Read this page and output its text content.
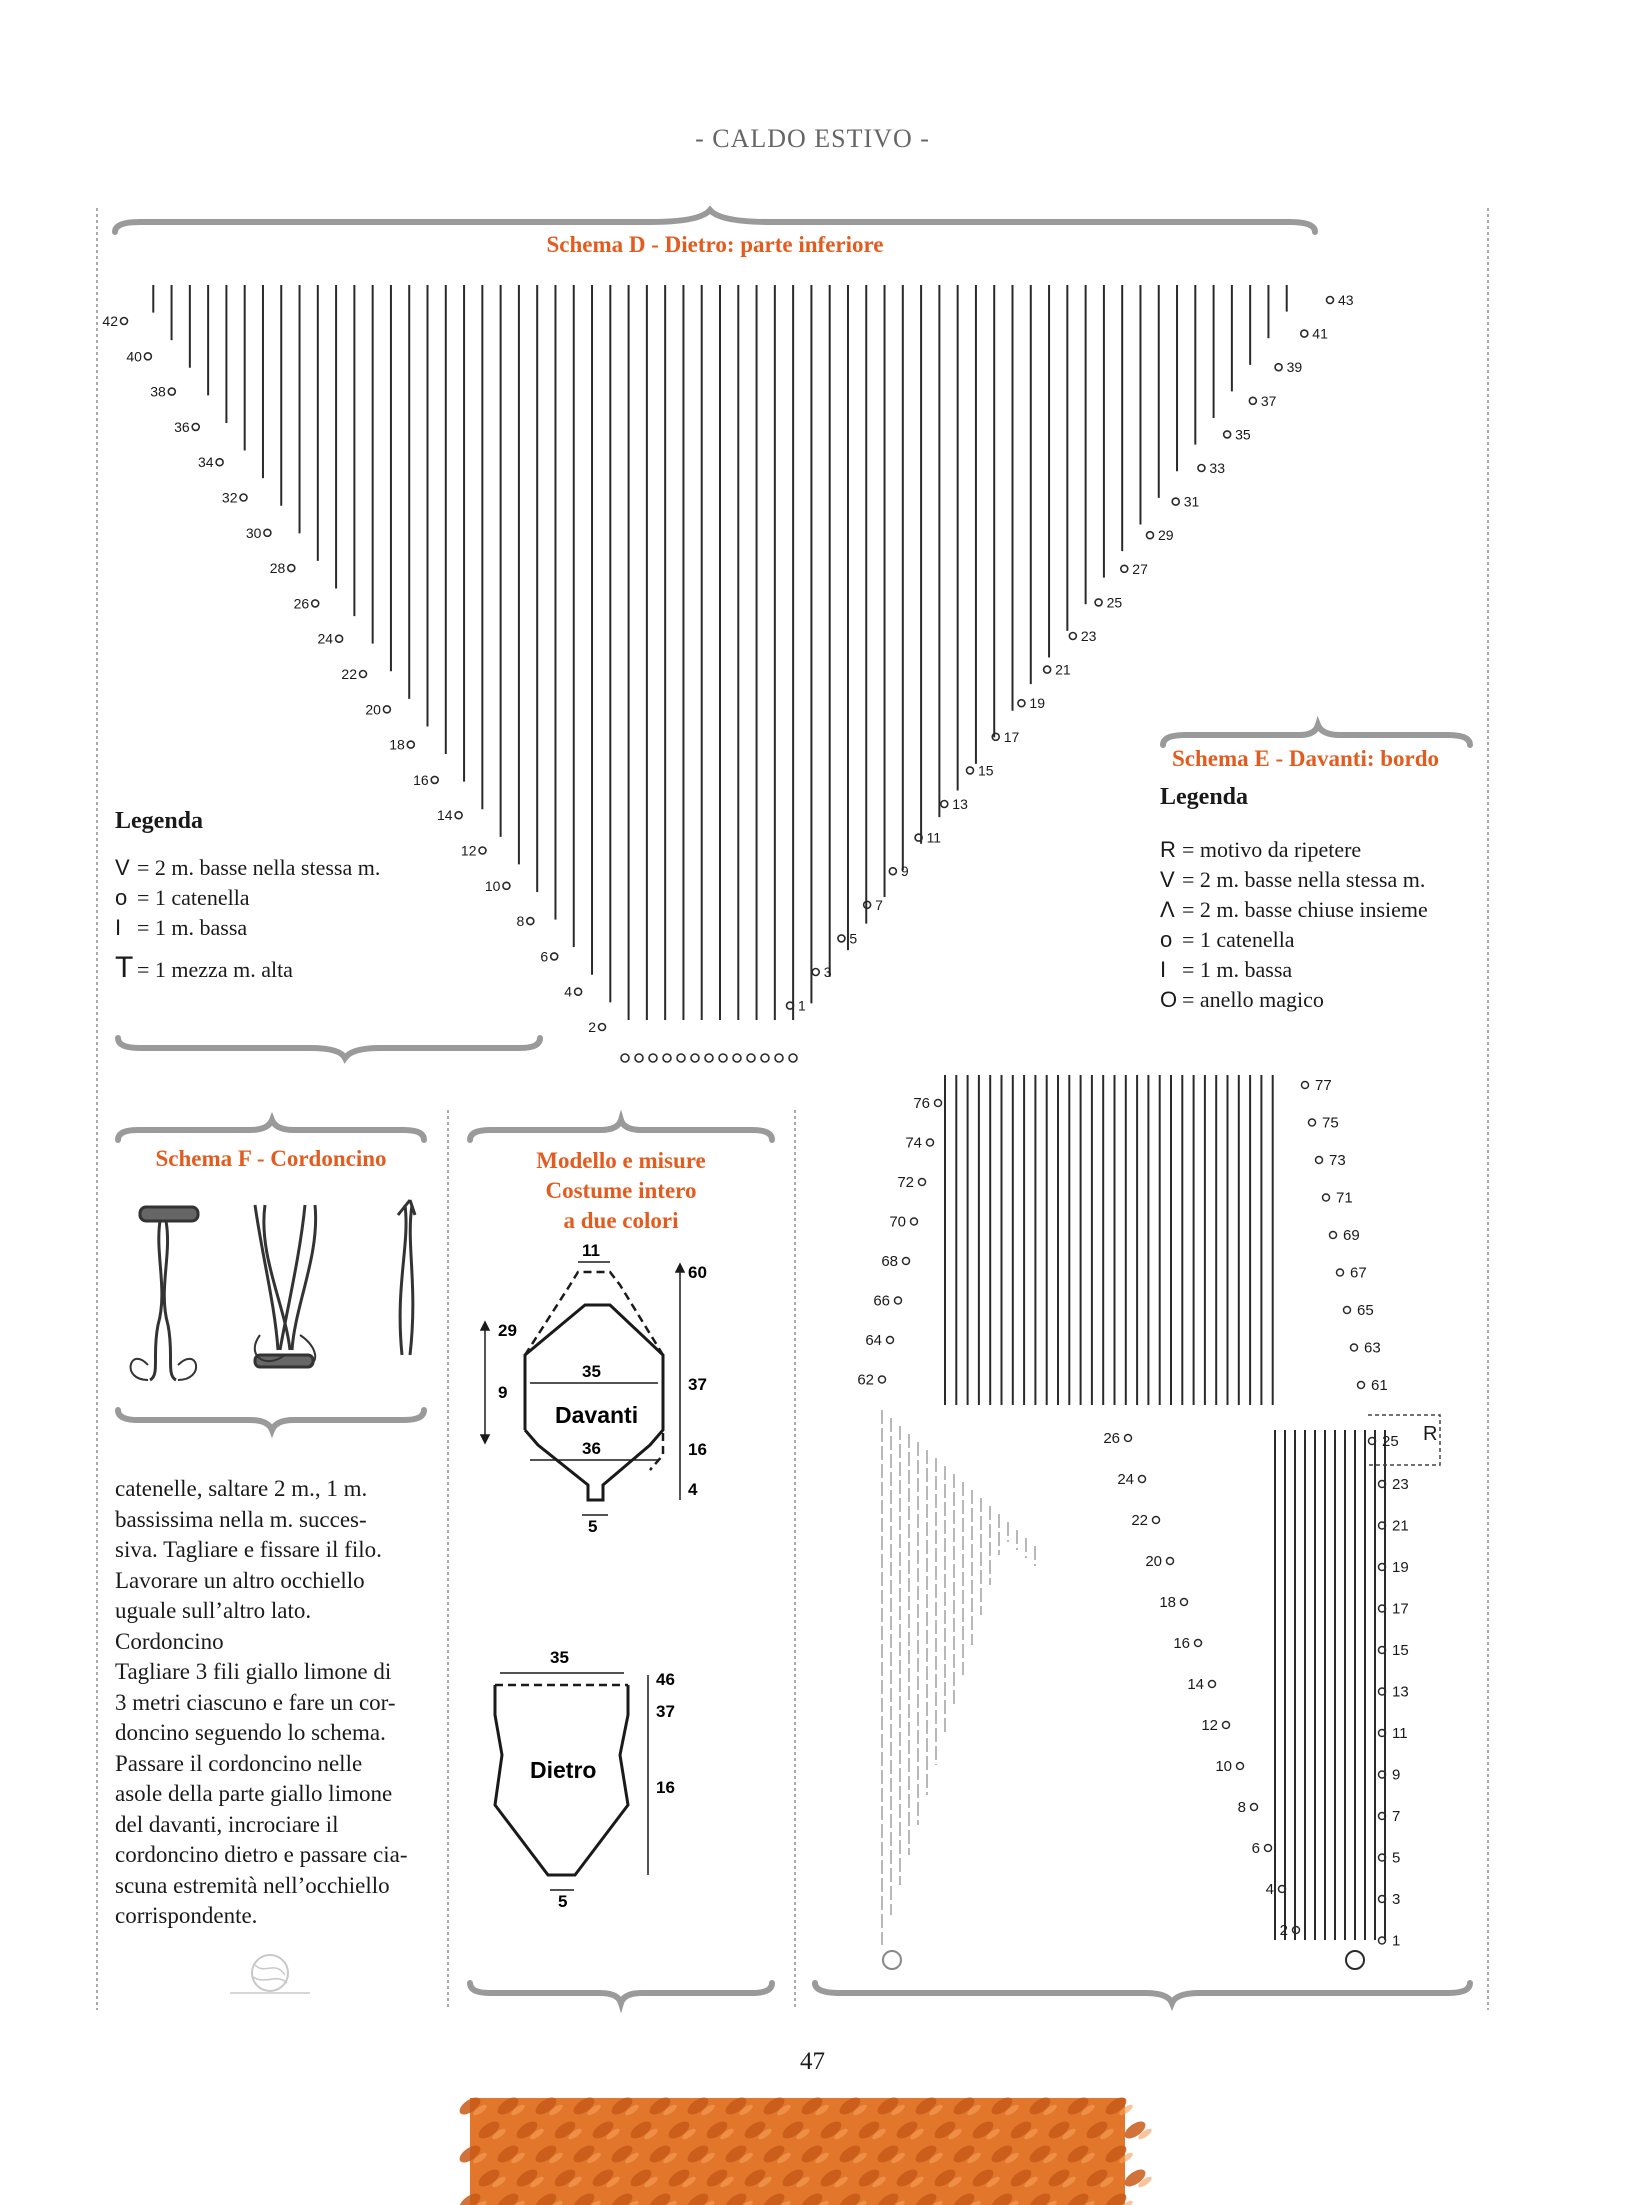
- CALDO ESTIVO -
Schema D - Dietro: parte inferiore
42
40
38
36
34
32
30
28
26
24
22
20
18
16
14
12
10
8
6
4
2
43
41
39
37
35
33
31
29
27
25
23
21
19
17
15
13
11
9
7
5
3
1
Legenda
V = 2 m. basse nella stessa m.
o = 1 catenella
I = 1 m. bassa
T = 1 mezza m. alta
Schema E - Davanti: bordo
Legenda
R = motivo da ripetere
V = 2 m. basse nella stessa m.
Λ = 2 m. basse chiuse insieme
o = 1 catenella
I = 1 m. bassa
O = anello magico
76
74
72
70
68
66
64
62
77
75
73
71
69
67
65
63
61
25 R
26
24
22
20
18
16
14
12
10
8
6
4
2
23
21
19
17
15
13
11
9
7
5
3
1
Schema F - Cordoncino
catenelle, saltare 2 m., 1 m.
bassissima nella m. succes-
siva. Tagliare e fissare il filo.
Lavorare un altro occhiello
uguale sull’altro lato.
Cordoncino
Tagliare 3 fili giallo limone di
3 metri ciascuno e fare un cor-
doncino seguendo lo schema.
Passare il cordoncino nelle
asole della parte giallo limone
del davanti, incrociare il
cordoncino dietro e passare cia-
scuna estremità nell’occhiello
corrispondente.
Modello e misure
Costume intero
a due colori
29
9
11
35
36
5
60
37
16
4
Davanti
35
5
46
37
16
Dietro
47
